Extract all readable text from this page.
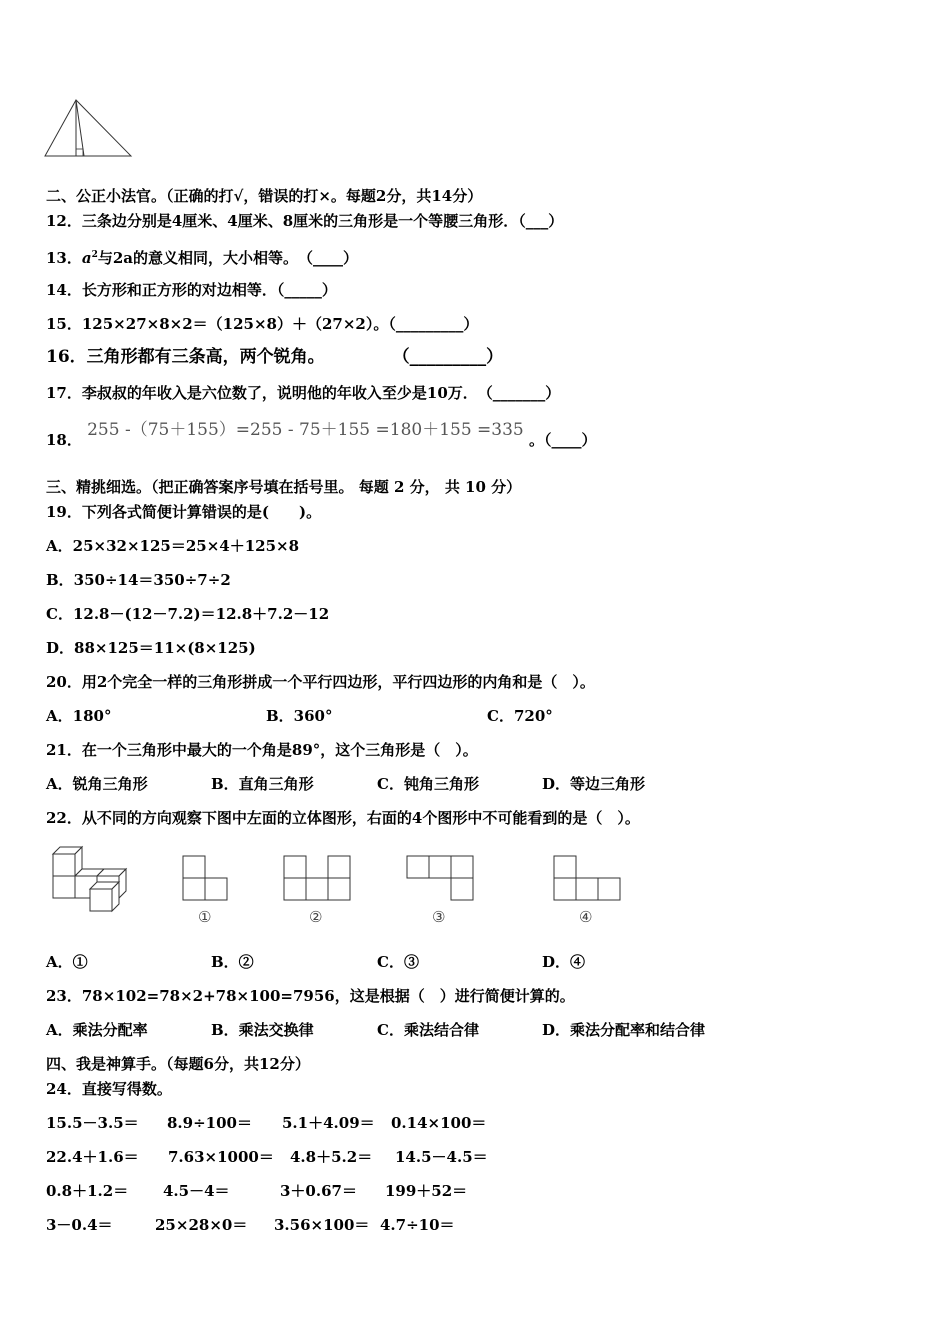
二、公正小法官。（正确的打√，错误的打×。每题2分，共14分）
12．三条边分别是4厘米、4厘米、8厘米的三角形是一个等腰三角形．（___）
13．$a^2$与2a的意义相同，大小相等。　（____）
14．长方形和正方形的对边相等．（_____）
15．125×27×8×2＝（125×8）＋（27×2）。（_________）
16．三角形都有三条高，两个锐角。　　　　　（_________）
17．李叔叔的年收入是六位数了，说明他的年收入至少是10万．　（_______）
18． 255 -（75＋155）=255 - 75＋155 =180＋155 =335 。（____）
三、精挑细选。（把正确答案序号填在括号里。 每题 2 分， 共 10 分）
19．下列各式简便计算错误的是(　　)。
A．25×32×125＝25×4＋125×8
B．350÷14＝350÷7÷2
C．12.8－(12－7.2)＝12.8＋7.2－12
D．88×125＝11×(8×125)
20．用2个完全一样的三角形拼成一个平行四边形，平行四边形的内角和是（　）。
A．180°	B．360°	C．720°
21．在一个三角形中最大的一个角是89°，这个三角形是（　）。
A．锐角三角形	B．直角三角形	C．钝角三角形	D．等边三角形
22．从不同的方向观察下图中左面的立体图形，右面的4个图形中不可能看到的是（　）。
①	②	③	④
A．①	B．②	C．③	D．④
23．78×102=78×2+78×100=7956，这是根据（　）进行简便计算的。
A．乘法分配率	B．乘法交换律	C．乘法结合律	D．乘法分配率和结合律
四、我是神算手。（每题6分，共12分）
24．直接写得数。
15.5－3.5＝ 8.9÷100＝ 5.1＋4.09＝ 0.14×100＝
22.4＋1.6＝ 7.63×1000＝ 4.8＋5.2＝ 14.5－4.5＝
0.8＋1.2＝ 4.5－4＝	3＋0.67＝ 199＋52＝
3－0.4＝	25×28×0＝ 3.56×100＝ 4.7÷10＝
